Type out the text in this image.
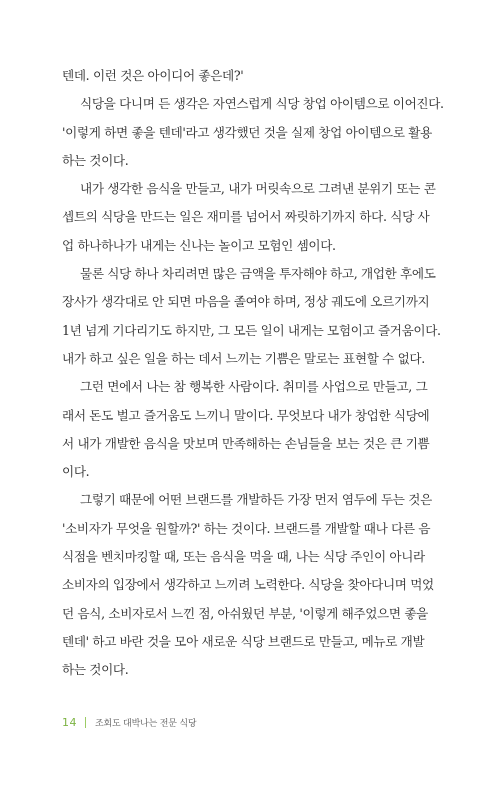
텐데. 이런 것은 아이디어 좋은데?'

식당을 다니며 든 생각은 자연스럽게 식당 창업 아이템으로 이어진다.
'이렇게 하면 좋을 텐데'라고 생각했던 것을 실제 창업 아이템으로 활용
하는 것이다.

내가 생각한 음식을 만들고, 내가 머릿속으로 그려낸 분위기 또는 콘
셉트의 식당을 만드는 일은 재미를 넘어서 짜릿하기까지 하다. 식당 사
업 하나하나가 내게는 신나는 놀이고 모험인 셈이다.

물론 식당 하나 차리려면 많은 금액을 투자해야 하고, 개업한 후에도
장사가 생각대로 안 되면 마음을 졸여야 하며, 정상 궤도에 오르기까지
1년 넘게 기다리기도 하지만, 그 모든 일이 내게는 모험이고 즐거움이다.
내가 하고 싶은 일을 하는 데서 느끼는 기쁨은 말로는 표현할 수 없다.

그런 면에서 나는 참 행복한 사람이다. 취미를 사업으로 만들고, 그
래서 돈도 벌고 즐거움도 느끼니 말이다. 무엇보다 내가 창업한 식당에
서 내가 개발한 음식을 맛보며 만족해하는 손님들을 보는 것은 큰 기쁨
이다.

그렇기 때문에 어떤 브랜드를 개발하든 가장 먼저 염두에 두는 것은
'소비자가 무엇을 원할까?' 하는 것이다. 브랜드를 개발할 때나 다른 음
식점을 벤치마킹할 때, 또는 음식을 먹을 때, 나는 식당 주인이 아니라
소비자의 입장에서 생각하고 느끼려 노력한다. 식당을 찾아다니며 먹었
던 음식, 소비자로서 느낀 점, 아쉬웠던 부분, '이렇게 해주었으면 좋을
텐데' 하고 바란 것을 모아 새로운 식당 브랜드로 만들고, 메뉴로 개발
하는 것이다.

14 조회도 대박나는 전문 식당
